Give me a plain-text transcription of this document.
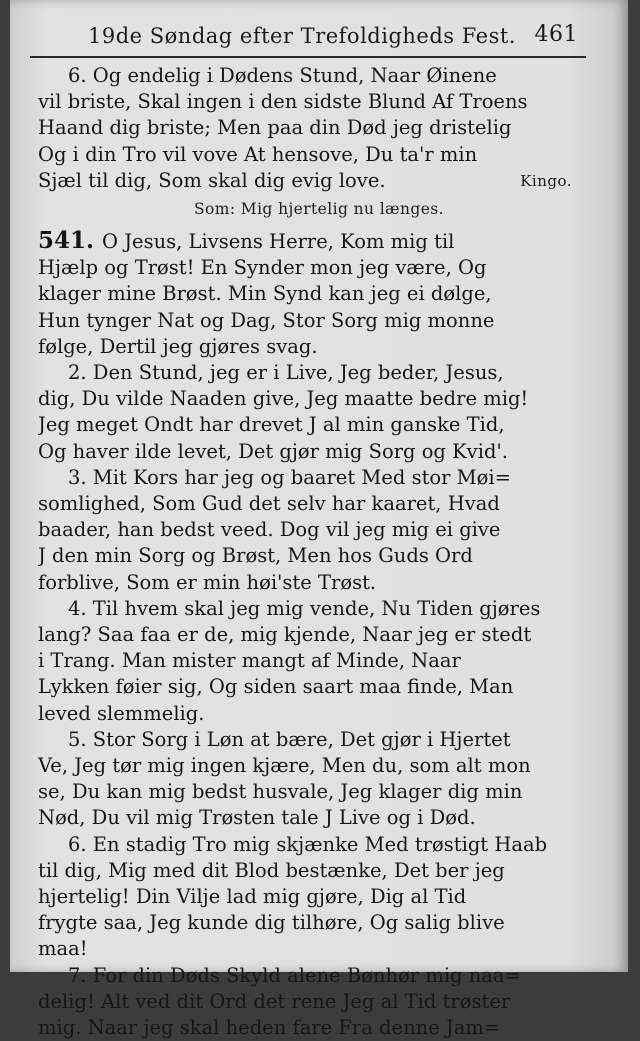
19de Søndag efter Trefoldigheds Fest. 461
6. Og endelig i Dødens Stund, Naar Øinene
vil briste, Skal ingen i den sidste Blund Af Troens
Haand dig briste; Men paa din Død jeg dristelig
Og i din Tro vil vove At hensove, Du ta'r min
Sjæl til dig, Som skal dig evig love.	Kingo.
Som: Mig hjertelig nu længes.
541. O Jesus, Livsens Herre, Kom mig til
Hjælp og Trøst! En Synder mon jeg være, Og
klager mine Brøst. Min Synd kan jeg ei dølge,
Hun tynger Nat og Dag, Stor Sorg mig monne
følge, Dertil jeg gjøres svag.
2. Den Stund, jeg er i Live, Jeg beder, Jesus,
dig, Du vilde Naaden give, Jeg maatte bedre mig!
Jeg meget Ondt har drevet J al min ganske Tid,
Og haver ilde levet, Det gjør mig Sorg og Kvid'.
3. Mit Kors har jeg og baaret Med stor Møi=
somlighed, Som Gud det selv har kaaret, Hvad
baader, han bedst veed. Dog vil jeg mig ei give
J den min Sorg og Brøst, Men hos Guds Ord
forblive, Som er min høi'ste Trøst.
4. Til hvem skal jeg mig vende, Nu Tiden gjøres
lang? Saa faa er de, mig kjende, Naar jeg er stedt
i Trang. Man mister mangt af Minde, Naar
Lykken føier sig, Og siden saart maa finde, Man
leved slemmelig.
5. Stor Sorg i Løn at bære, Det gjør i Hjertet
Ve, Jeg tør mig ingen kjære, Men du, som alt mon
se, Du kan mig bedst husvale, Jeg klager dig min
Nød, Du vil mig Trøsten tale J Live og i Død.
6. En stadig Tro mig skjænke Med trøstigt Haab
til dig, Mig med dit Blod bestænke, Det ber jeg
hjertelig! Din Vilje lad mig gjøre, Dig al Tid
frygte saa, Jeg kunde dig tilhøre, Og salig blive
maa!
7. For din Døds Skyld alene Bønhør mig naa=
delig! Alt ved dit Ord det rene Jeg al Tid trøster
mig. Naar jeg skal heden fare Fra denne Jam=
